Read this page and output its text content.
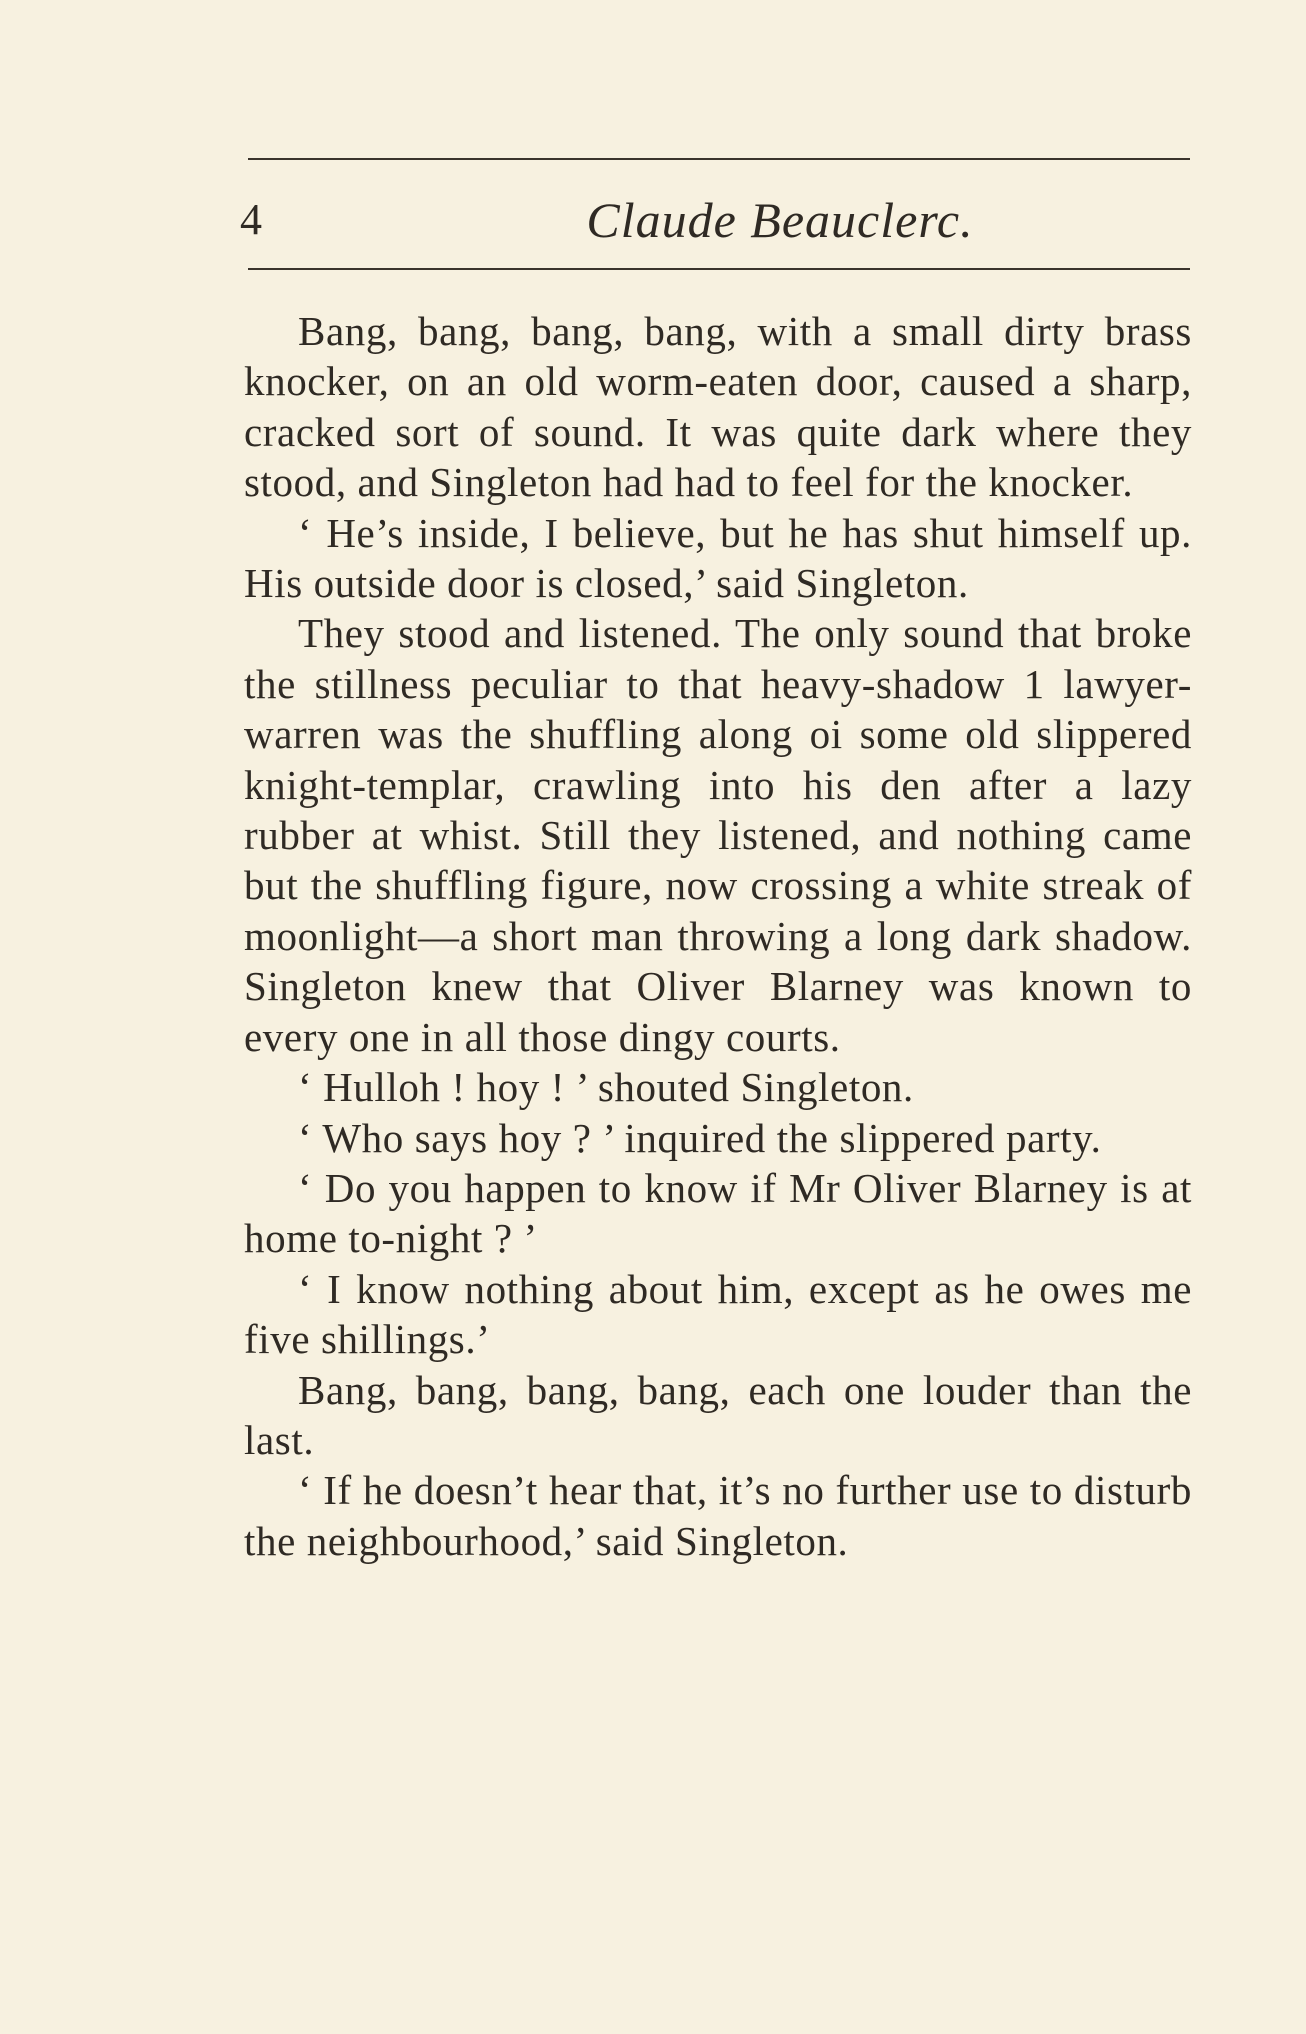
4	Claude Beauclerc.

Bang, bang, bang, bang, with a small dirty brass knocker, on an old worm-eaten door, caused a sharp, cracked sort of sound. It was quite dark where they stood, and Singleton had had to feel for the knocker.

‘ He’s inside, I believe, but he has shut himself up. His outside door is closed,’ said Singleton.

They stood and listened. The only sound that broke the stillness peculiar to that heavy-shadow 1 lawyer-warren was the shuffling along oi some old slippered knight-templar, crawling into his den after a lazy rubber at whist. Still they listened, and nothing came but the shuffling figure, now crossing a white streak of moonlight—a short man throwing a long dark shadow. Singleton knew that Oliver Blarney was known to every one in all those dingy courts.

‘ Hulloh ! hoy ! ’ shouted Singleton.

‘ Who says hoy ? ’ inquired the slippered party.

‘ Do you happen to know if Mr Oliver Blarney is at home to-night ? ’

‘ I know nothing about him, except as he owes me five shillings.’

Bang, bang, bang, bang, each one louder than the last.

‘ If he doesn’t hear that, it’s no further use to disturb the neighbourhood,’ said Singleton.
